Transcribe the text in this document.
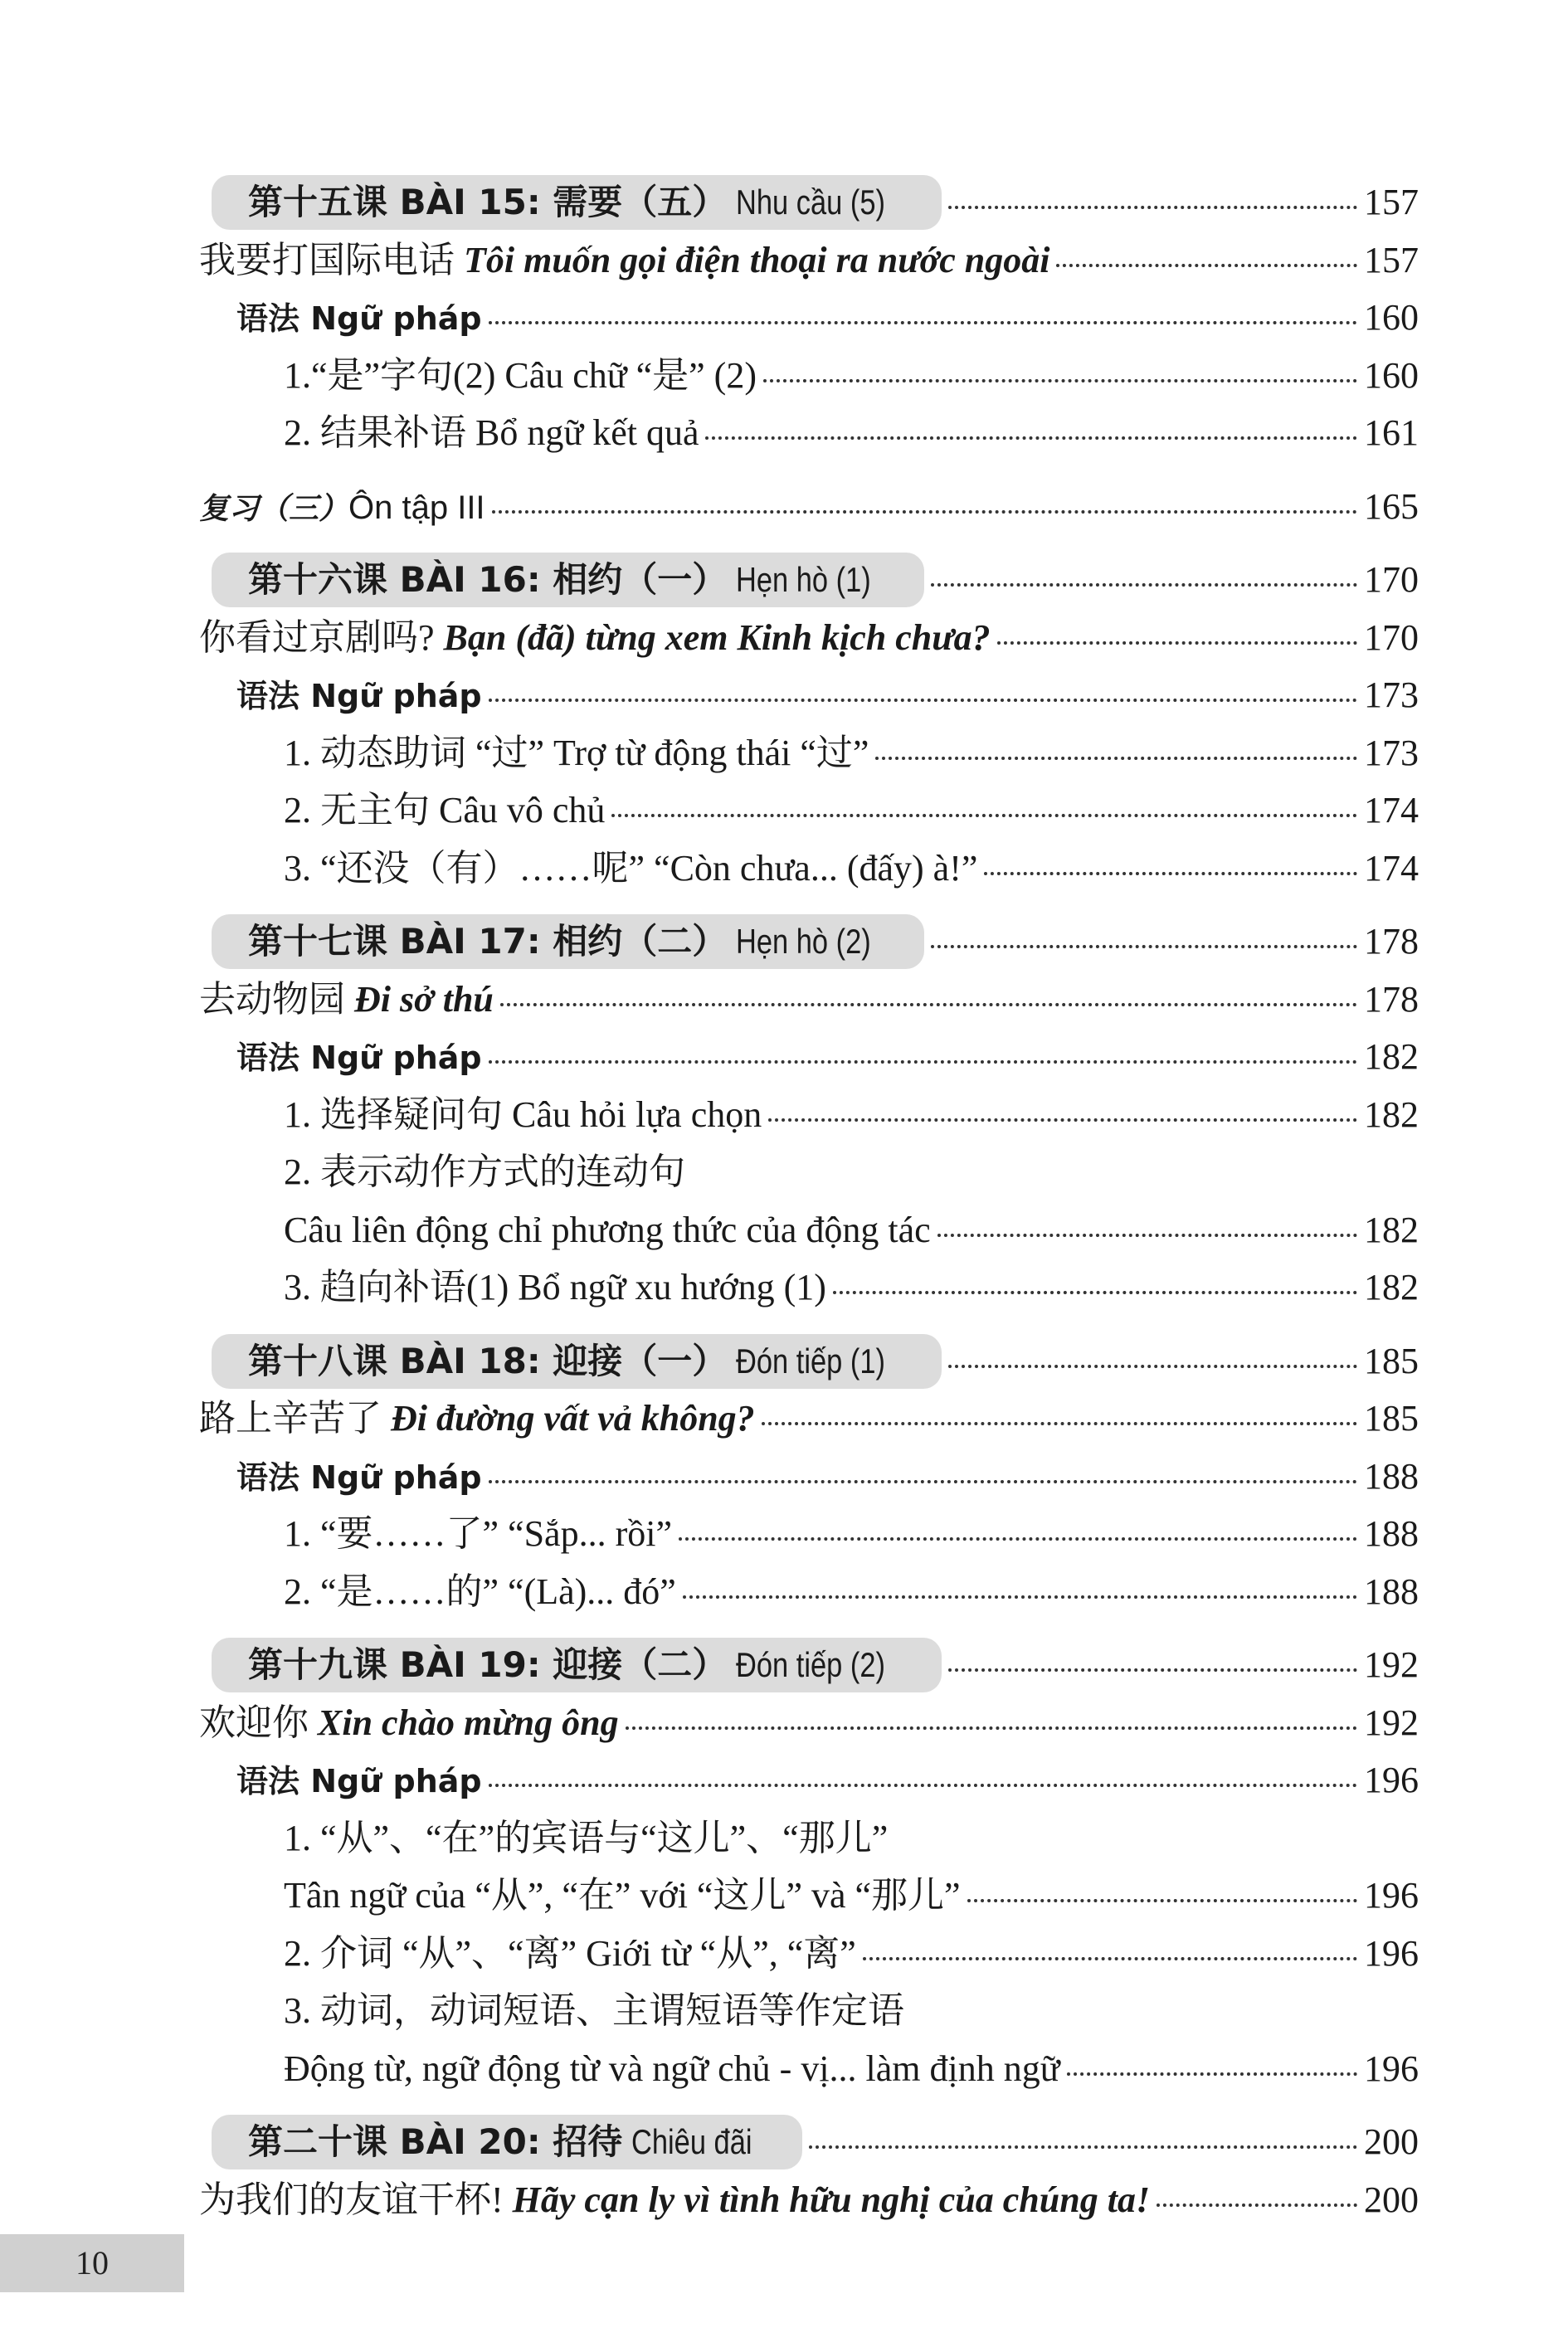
第十五课 BÀI 15: 需要（五） Nhu cầu (5)	157
我要打国际电话 Tôi muốn gọi điện thoại ra nước ngoài	157
语法 Ngữ pháp	160
1.“是”字句(2) Câu chữ “是” (2)	160
2. 结果补语 Bổ ngữ kết quả	161
复习（三）Ôn tập III	165
第十六课 BÀI 16: 相约（一） Hẹn hò (1)	170
你看过京剧吗? Bạn (đã) từng xem Kinh kịch chưa?	170
语法 Ngữ pháp	173
1. 动态助词 “过” Trợ từ động thái “过”	173
2. 无主句 Câu vô chủ	174
3. “还没（有）……呢” “Còn chưa... (đấy) à!”	174
第十七课 BÀI 17: 相约（二） Hẹn hò (2)	178
去动物园 Đi sở thú	178
语法 Ngữ pháp	182
1. 选择疑问句 Câu hỏi lựa chọn	182
2. 表示动作方式的连动句
Câu liên động chỉ phương thức của động tác	182
3. 趋向补语(1) Bổ ngữ xu hướng (1)	182
第十八课 BÀI 18: 迎接（一） Đón tiếp (1)	185
路上辛苦了 Đi đường vất vả không?	185
语法 Ngữ pháp	188
1. “要……了” “Sắp... rồi”	188
2. “是……的” “(Là)... đó”	188
第十九课 BÀI 19: 迎接（二） Đón tiếp (2)	192
欢迎你 Xin chào mừng ông	192
语法 Ngữ pháp	196
1. “从”、“在”的宾语与“这儿”、“那儿”
Tân ngữ của “从”, “在” với “这儿” và “那儿”	196
2. 介词 “从”、“离” Giới từ “从”, “离”	196
3. 动词，动词短语、主谓短语等作定语
Động từ, ngữ động từ và ngữ chủ - vị... làm định ngữ	196
第二十课 BÀI 20: 招待 Chiêu đãi	200
为我们的友谊干杯! Hãy cạn ly vì tình hữu nghị của chúng ta!	200
10
